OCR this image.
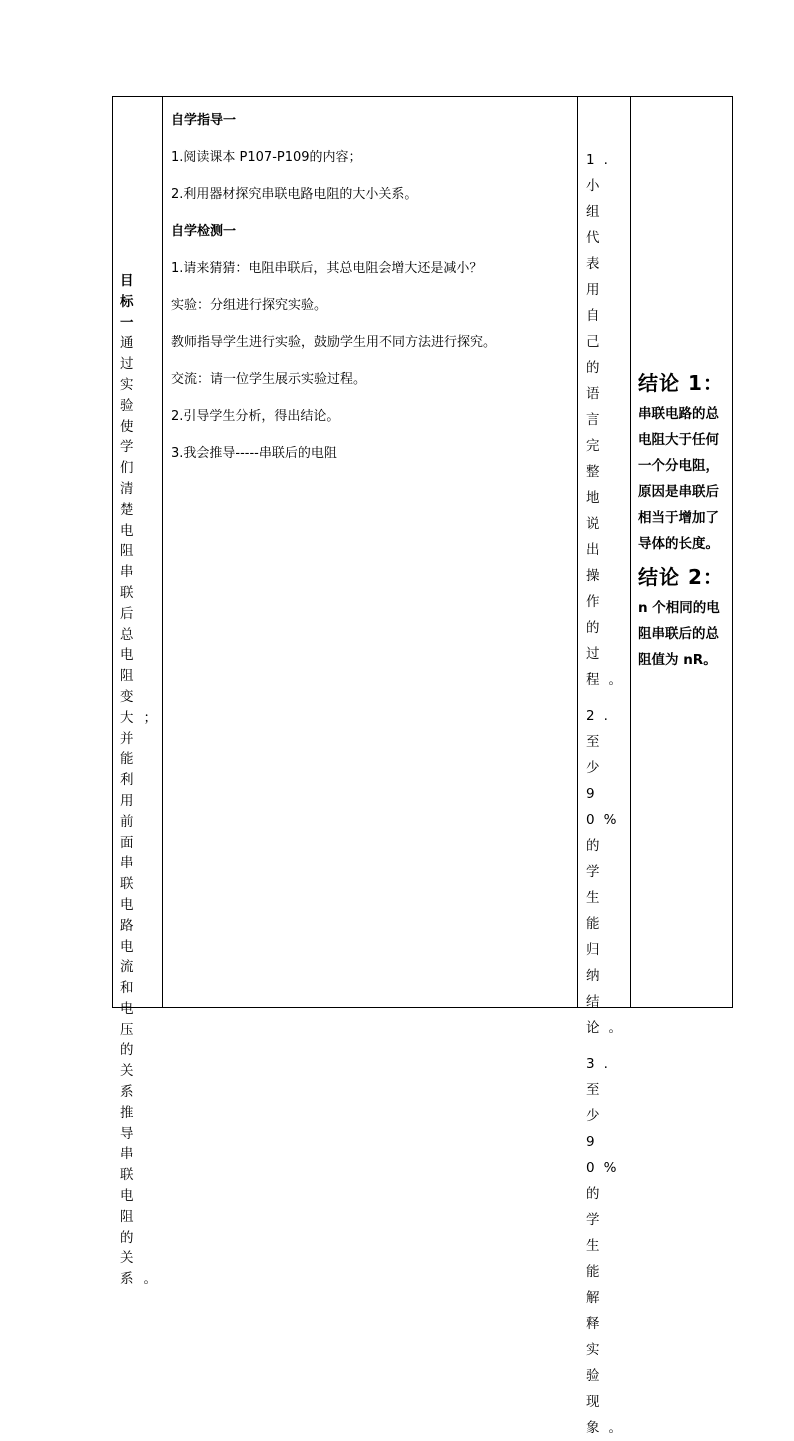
目标一通过实验使学们清楚电阻串联后总电阻变大；并能利用前面串联电路电流和电压的关系推导串联电阻的关系。

自学指导一

1.阅读课本 P107-P109的内容；

2.利用器材探究串联电路电阻的大小关系。

自学检测一

1.请来猜猜：电阻串联后，其总电阻会增大还是减小？

实验：分组进行探究实验。

教师指导学生进行实验，鼓励学生用不同方法进行探究。

交流：请一位学生展示实验过程。

2.引导学生分析，得出结论。

3.我会推导-----串联后的电阻

1.小组代表用自己的语言完整地说出操作的过程。

2.至少90%的学生能归纳结论。

3. 至少90%的学生能解释实验现象。

结论 1：

串联电路的总电阻大于任何一个分电阻，原因是串联后相当于增加了导体的长度。

结论 2：

n 个相同的电阻串联后的总阻值为 nR。
